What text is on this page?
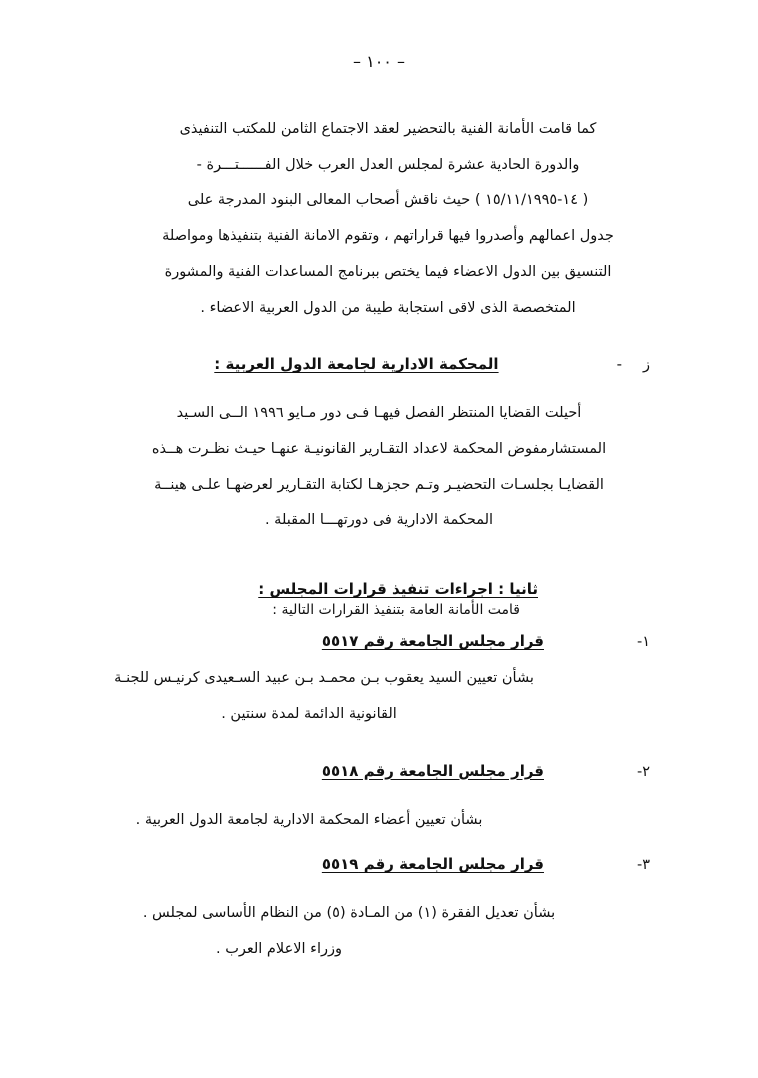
– ١٠٠ –
كما قامت الأمانة الفنية بالتحضير لعقد الاجتماع الثامن للمكتب التنفيذى
والدورة الحادية عشرة لمجلس العدل العرب خلال الفــــــتـــرة -
( ١٤-١٥/١١/١٩٩٥ ) حيث ناقش أصحاب المعالى البنود المدرجة على
جدول اعمالهم وأصدروا فيها قراراتهم ، وتقوم الامانة الفنية بتنفيذها ومواصلة
التنسيق بين الدول الاعضاء فيما يختص ببرنامج المساعدات الفنية والمشورة
المتخصصة الذى لاقى استجابة طيبة من الدول العربية الاعضاء .
ز
-
المحكمة الادارية لجامعة الدول العربية :
أحيلت القضايا المنتظر الفصل فيهـا فـى دور مـايو ١٩٩٦ الــى السـيد
المستشارمفوض المحكمة لاعداد التقـارير القانونيـة عنهـا حيـث نظـرت هــذه
القضايـا بجلسـات التحضيـر وتـم حجزهـا لكتابة التقـارير لعرضهـا علـى هينــة
المحكمة الادارية فى دورتهـــا المقبلة .
ثانيا : اجراءات تنفيذ قرارات المجلس :
قامت الأمانة العامة بتنفيذ القرارات التالية :
١-
قرار مجلس الجامعة رقم ٥٥١٧
بشأن تعيين السيد يعقوب بـن محمـد بـن عبيد السـعيدى كرنيـس للجنـة
القانونية الدائمة لمدة سنتين .
٢-
قرار مجلس الجامعة رقم ٥٥١٨
بشأن تعيين أعضاء المحكمة الادارية لجامعة الدول العربية .
٣-
قرار مجلس الجامعة رقم ٥٥١٩
بشأن تعديل الفقرة (١) من المـادة (٥) من النظام الأساسى لمجلس .
وزراء الاعلام العرب .
